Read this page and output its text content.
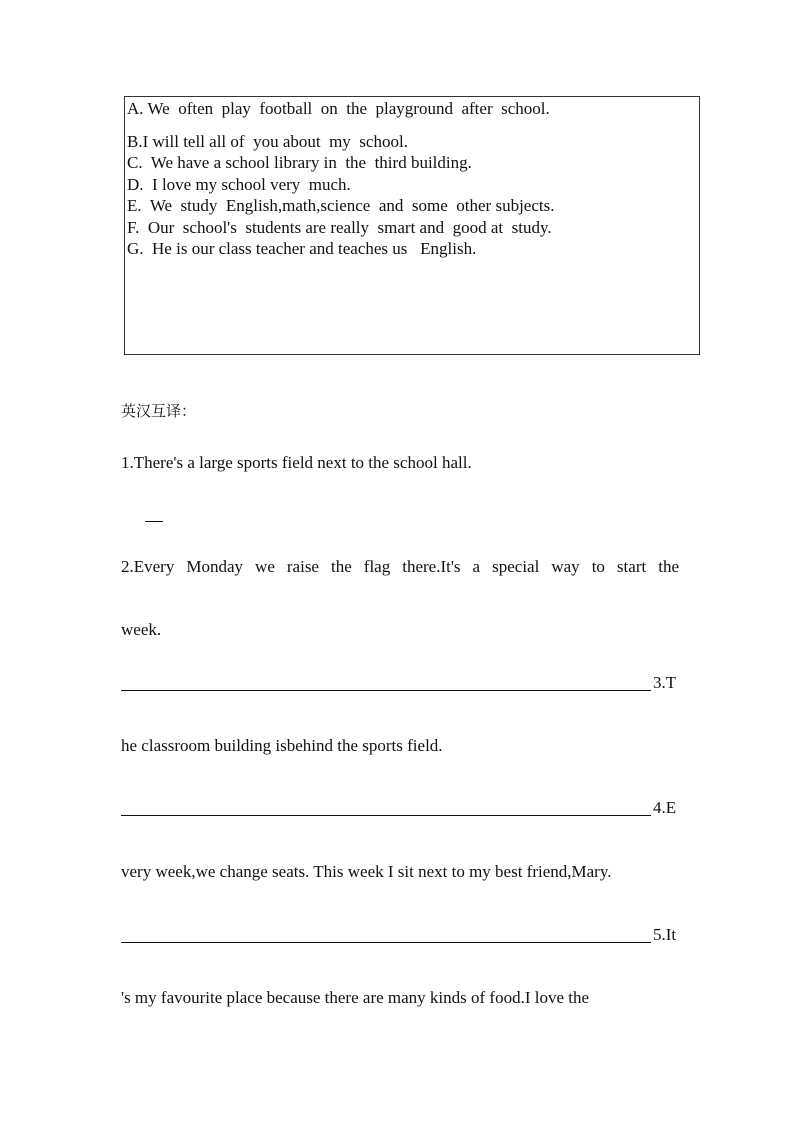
A. We  often  play  football  on  the  playground  after  school.
B.I will tell all of  you about  my  school.
C.  We have a school library in  the  third building.
D.  I love my school very  much.
E.  We  study  English,math,science  and  some  other subjects.
F.  Our  school's  students are really  smart and  good at  study.
G.  He is our class teacher and teaches us   English.
英汉互译：
1.There's a large sports field next to the school hall.
2.Every Monday we raise the flag there.It's a special way to start the
week.
3.T
he classroom building isbehind the sports field.
4.E
very week,we change seats. This week I sit next to my best friend,Mary.
5.It
's my favourite place because there are many kinds of food.I love the
